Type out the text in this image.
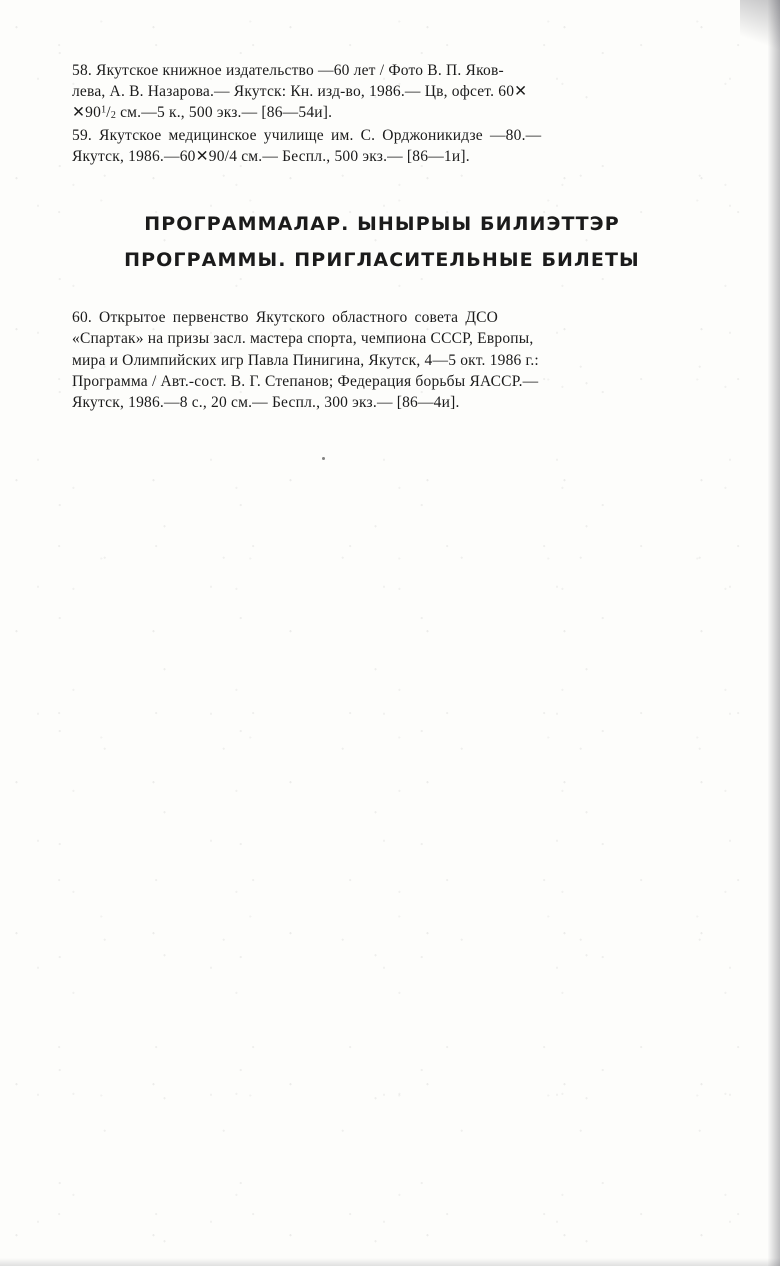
58. Якутское книжное издательство —60 лет / Фото В. П. Яков-
лева, А. В. Назарова.— Якутск: Кн. изд-во, 1986.— Цв, офсет. 60✕
$✕90^1/_2$ см.—5 к., 500 экз.— [86—54и].
59. Якутское медицинское училище им. С. Орджоникидзе —80.—
Якутск, 1986.—60✕90/4 см.— Беспл., 500 экз.— [86—1и].
ПРОГРАММАЛАР. ЫНЫРЫЫ БИЛИЭТТЭР
ПРОГРАММЫ. ПРИГЛАСИТЕЛЬНЫЕ БИЛЕТЫ
60. Открытое первенство Якутского областного совета ДСО
«Спартак» на призы засл. мастера спорта, чемпиона СССР, Европы,
мира и Олимпийских игр Павла Пинигина, Якутск, 4—5 окт. 1986 г.:
Программа / Авт.-сост. В. Г. Степанов; Федерация борьбы ЯАССР.—
Якутск, 1986.—8 с., 20 см.— Беспл., 300 экз.— [86—4и].
